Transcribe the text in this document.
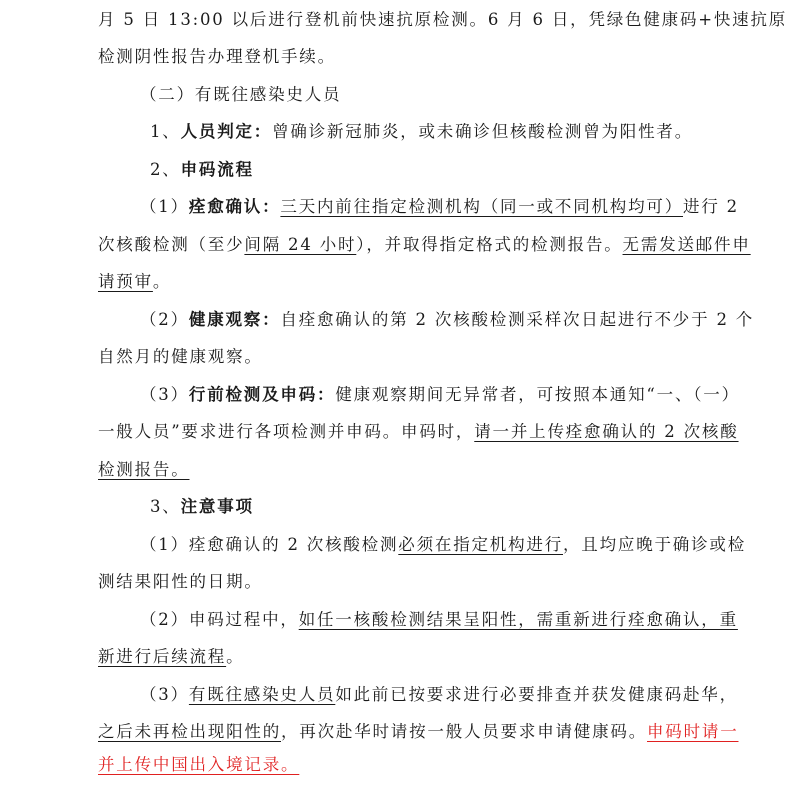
月 5 日 13:00 以后进行登机前快速抗原检测。6 月 6 日，凭绿色健康码+快速抗原
检测阴性报告办理登机手续。
（二）有既往感染史人员
1、人员判定：曾确诊新冠肺炎，或未确诊但核酸检测曾为阳性者。
2、申码流程
（1）痊愈确认：三天内前往指定检测机构（同一或不同机构均可）进行 2
次核酸检测（至少间隔 24 小时），并取得指定格式的检测报告。无需发送邮件申
请预审。
（2）健康观察：自痊愈确认的第 2 次核酸检测采样次日起进行不少于 2 个
自然月的健康观察。
（3）行前检测及申码：健康观察期间无异常者，可按照本通知“一、（一）
一般人员”要求进行各项检测并申码。申码时，请一并上传痊愈确认的 2 次核酸
检测报告。
3、注意事项
（1）痊愈确认的 2 次核酸检测必须在指定机构进行，且均应晚于确诊或检
测结果阳性的日期。
（2）申码过程中，如任一核酸检测结果呈阳性，需重新进行痊愈确认，重
新进行后续流程。
（3）有既往感染史人员如此前已按要求进行必要排查并获发健康码赴华，
之后未再检出现阳性的，再次赴华时请按一般人员要求申请健康码。申码时请一
并上传中国出入境记录。
